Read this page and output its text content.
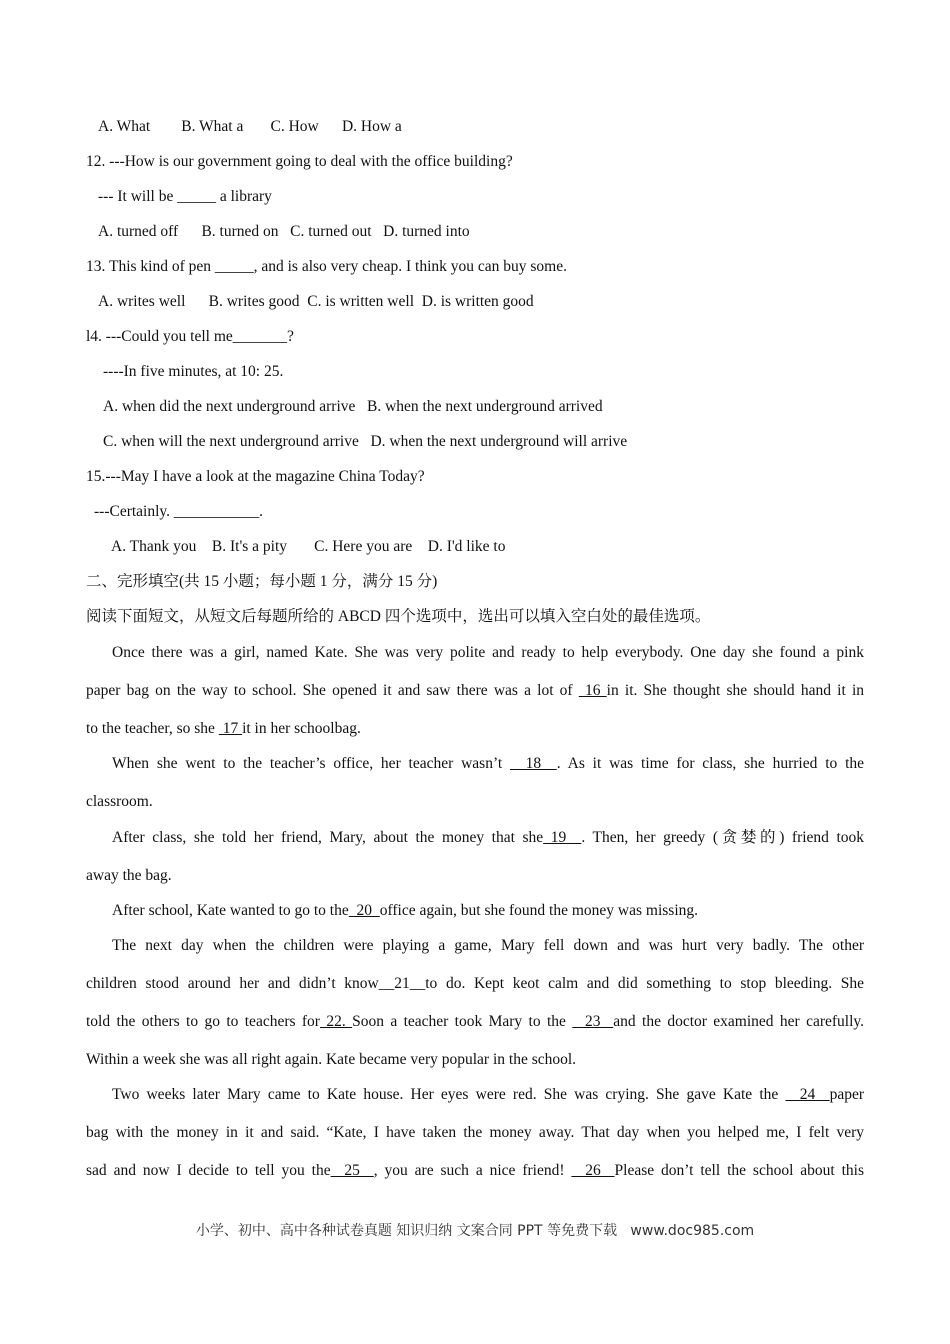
A. What        B. What a       C. How      D. How a
12. ---How is our government going to deal with the office building?
--- It will be _____ a library
A. turned off      B. turned on   C. turned out   D. turned into
13. This kind of pen _____, and is also very cheap. I think you can buy some.
A. writes well      B. writes good  C. is written well  D. is written good
l4. ---Could you tell me_______?
----In five minutes, at 10: 25.
A. when did the next underground arrive   B. when the next underground arrived
C. when will the next underground arrive   D. when the next underground will arrive
15.---May I have a look at the magazine China Today?
---Certainly. ___________.
A. Thank you    B. It's a pity       C. Here you are    D. I'd like to
二、完形填空(共 15 小题；每小题 1 分，满分 15 分)
阅读下面短文，从短文后每题所给的 ABCD 四个选项中，选出可以填入空白处的最佳选项。
Once there was a girl, named Kate. She was very polite and ready to help everybody. One day she found a pink
paper bag on the way to school. She opened it and saw there was a lot of  16 in it. She thought she should hand it in
to the teacher, so she  17 it in her schoolbag.
When she went to the teacher’s office, her teacher wasn’t   18  . As it was time for class, she hurried to the
classroom.
After class, she told her friend, Mary, about the money that she 19  . Then, her greedy (贪婪的) friend took
away the bag.
After school, Kate wanted to go to the  20  office again, but she found the money was missing.
The next day when the children were playing a game, Mary fell down and was hurt very badly. The other
children stood around her and didn’t know__21__to do. Kept keot calm and did something to stop bleeding. She
told the others to go to teachers for 22. Soon a teacher took Mary to the   23  and the doctor examined her carefully.
Within a week she was all right again. Kate became very popular in the school.
Two weeks later Mary came to Kate house. Her eyes were red. She was crying. She gave Kate the   24  paper
bag with the money in it and said. “Kate, I have taken the money away. That day when you helped me, I felt very
sad and now I decide to tell you the  25  , you are such a nice friend!   26  Please don’t tell the school about this
小学、初中、高中各种试卷真题 知识归纳 文案合同 PPT 等免费下载   www.doc985.com
